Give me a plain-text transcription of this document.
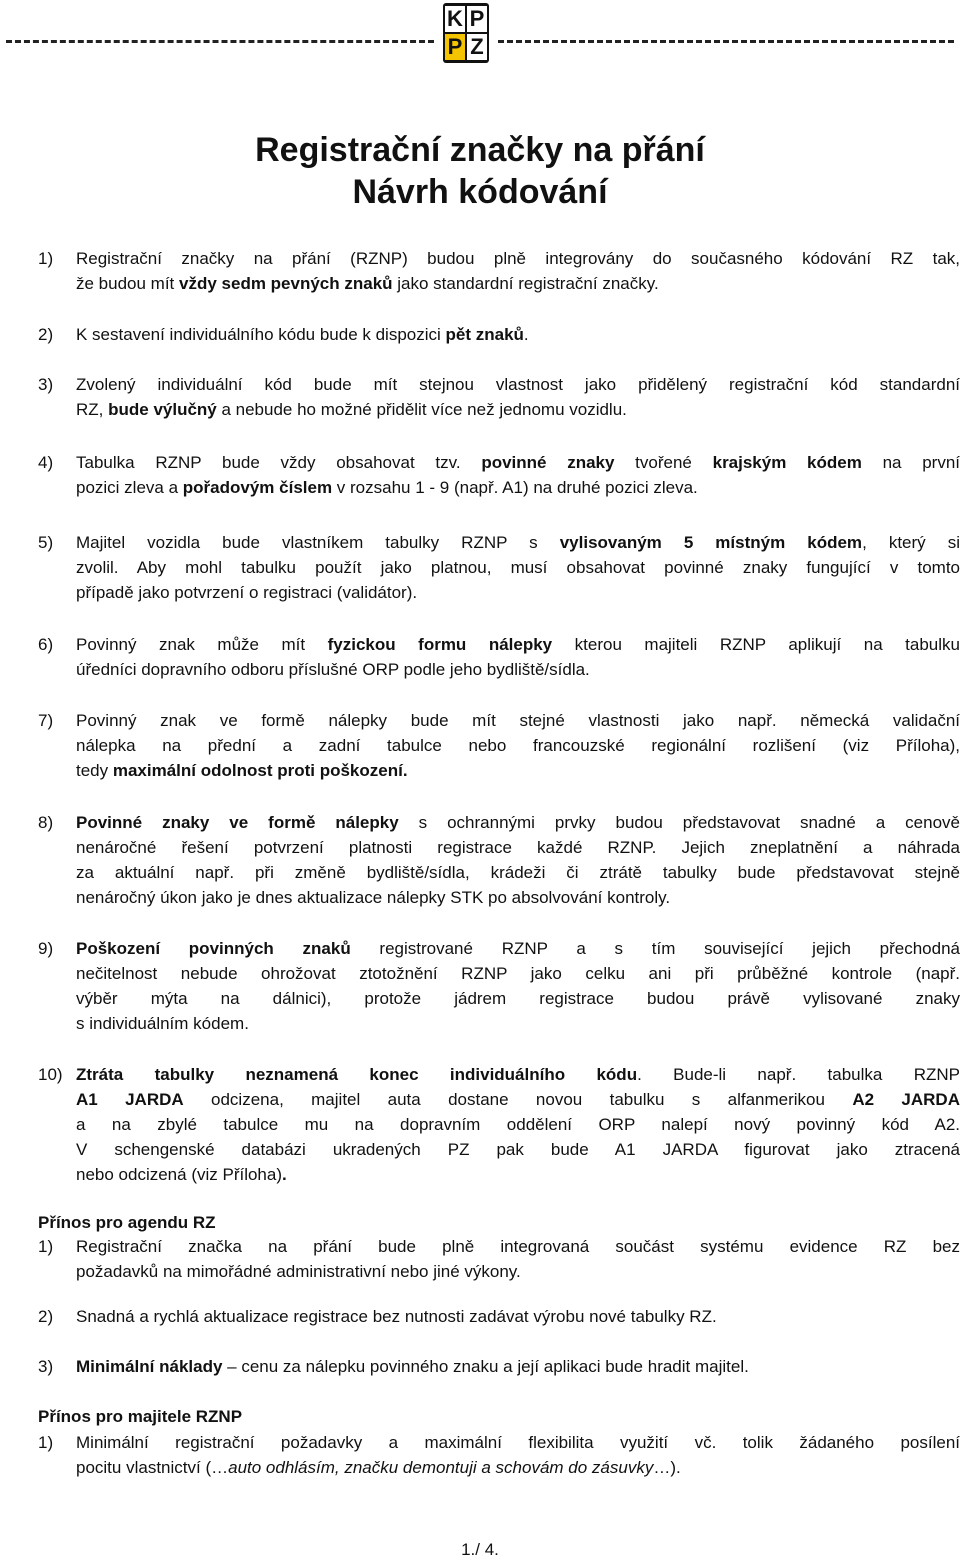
K P
P Z
Registrační značky na přání
Návrh kódování
1) Registrační značky na přání (RZNP) budou plně integrovány do současného kódování RZ tak,
že budou mít vždy sedm pevných znaků jako standardní registrační značky.
2) K sestavení individuálního kódu bude k dispozici pět znaků.
3) Zvolený individuální kód bude mít stejnou vlastnost jako přidělený registrační kód standardní
RZ, bude výlučný a nebude ho možné přidělit více než jednomu vozidlu.
4) Tabulka RZNP bude vždy obsahovat tzv. povinné znaky tvořené krajským kódem na první
pozici zleva a pořadovým číslem v rozsahu 1 - 9 (např. A1) na druhé pozici zleva.
5) Majitel vozidla bude vlastníkem tabulky RZNP s vylisovaným 5 místným kódem, který si
zvolil. Aby mohl tabulku použít jako platnou, musí obsahovat povinné znaky fungující v tomto
případě jako potvrzení o registraci (validátor).
6) Povinný znak může mít fyzickou formu nálepky kterou majiteli RZNP aplikují na tabulku
úředníci dopravního odboru příslušné ORP podle jeho bydliště/sídla.
7) Povinný znak ve formě nálepky bude mít stejné vlastnosti jako např. německá validační
nálepka na přední a zadní tabulce nebo francouzské regionální rozlišení (viz Příloha),
tedy maximální odolnost proti poškození.
8) Povinné znaky ve formě nálepky s ochrannými prvky budou představovat snadné a cenově
nenáročné řešení potvrzení platnosti registrace každé RZNP. Jejich zneplatnění a náhrada
za aktuální např. při změně bydliště/sídla, krádeži či ztrátě tabulky bude představovat stejně
nenáročný úkon jako je dnes aktualizace nálepky STK po absolvování kontroly.
9) Poškození povinných znaků registrované RZNP a s tím související jejich přechodná
nečitelnost nebude ohrožovat ztotožnění RZNP jako celku ani při průběžné kontrole (např.
výběr mýta na dálnici), protože jádrem registrace budou právě vylisované znaky
s individuálním kódem.
10) Ztráta tabulky neznamená konec individuálního kódu. Bude-li např. tabulka RZNP
A1 JARDA odcizena, majitel auta dostane novou tabulku s alfanmerikou A2 JARDA
a na zbylé tabulce mu na dopravním oddělení ORP nalepí nový povinný kód A2.
V schengenské databázi ukradených PZ pak bude A1 JARDA figurovat jako ztracená
nebo odcizená (viz Příloha).
Přínos pro agendu RZ
1) Registrační značka na přání bude plně integrovaná součást systému evidence RZ bez
požadavků na mimořádné administrativní nebo jiné výkony.
2) Snadná a rychlá aktualizace registrace bez nutnosti zadávat výrobu nové tabulky RZ.
3) Minimální náklady – cenu za nálepku povinného znaku a její aplikaci bude hradit majitel.
Přínos pro majitele RZNP
1) Minimální registrační požadavky a maximální flexibilita využití vč. tolik žádaného posílení
pocitu vlastnictví (…auto odhlásím, značku demontuji a schovám do zásuvky…).
1./ 4.
